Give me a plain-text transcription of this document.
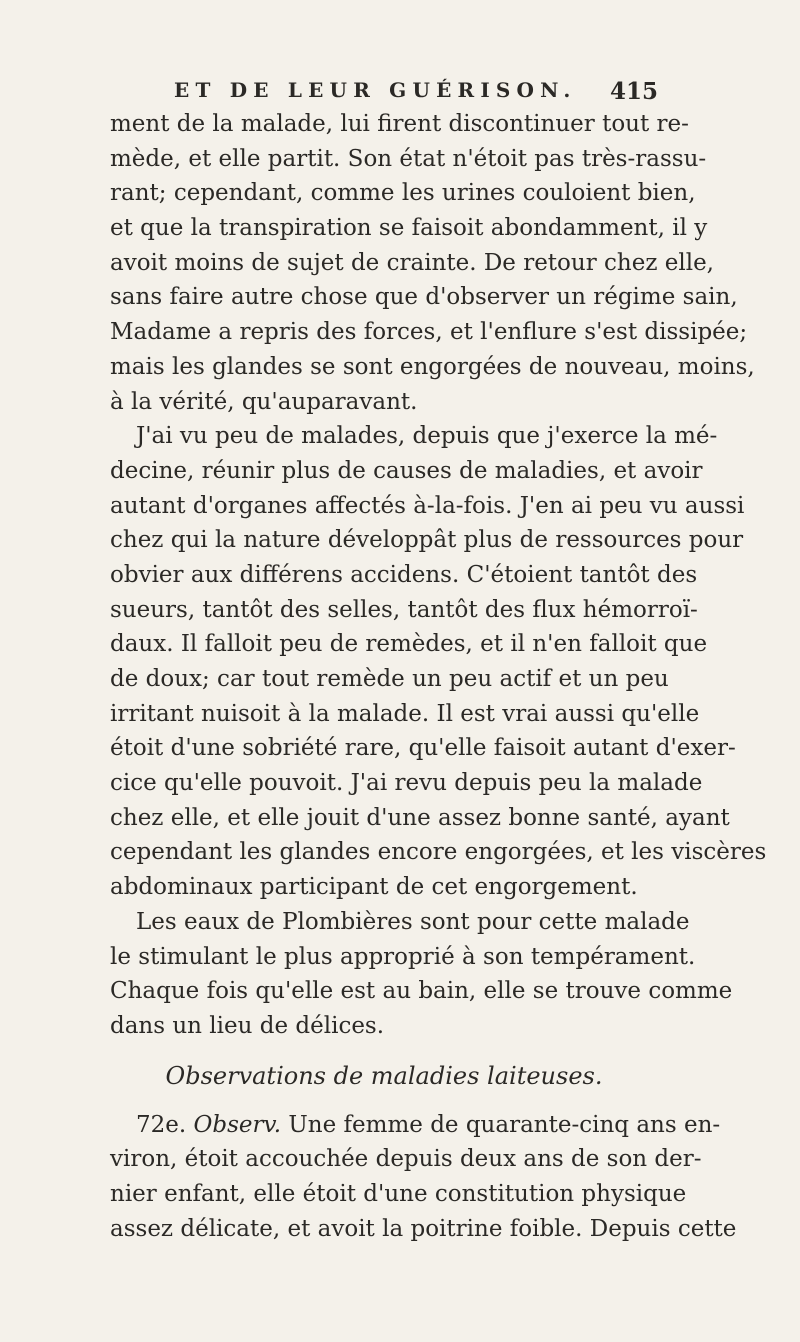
ET DE LEUR GUÉRISON. 415
ment de la malade, lui firent discontinuer tout re-
mède, et elle partit. Son état n'étoit pas très-rassu-
rant; cependant, comme les urines couloient bien,
et que la transpiration se faisoit abondamment, il y
avoit moins de sujet de crainte. De retour chez elle,
sans faire autre chose que d'observer un régime sain,
Madame a repris des forces, et l'enflure s'est dissipée;
mais les glandes se sont engorgées de nouveau, moins,
à la vérité, qu'auparavant.
J'ai vu peu de malades, depuis que j'exerce la mé-
decine, réunir plus de causes de maladies, et avoir
autant d'organes affectés à-la-fois. J'en ai peu vu aussi
chez qui la nature développât plus de ressources pour
obvier aux différens accidens. C'étoient tantôt des
sueurs, tantôt des selles, tantôt des flux hémorroï-
daux. Il falloit peu de remèdes, et il n'en falloit que
de doux; car tout remède un peu actif et un peu
irritant nuisoit à la malade. Il est vrai aussi qu'elle
étoit d'une sobriété rare, qu'elle faisoit autant d'exer-
cice qu'elle pouvoit. J'ai revu depuis peu la malade
chez elle, et elle jouit d'une assez bonne santé, ayant
cependant les glandes encore engorgées, et les viscères
abdominaux participant de cet engorgement.
Les eaux de Plombières sont pour cette malade
le stimulant le plus approprié à son tempérament.
Chaque fois qu'elle est au bain, elle se trouve comme
dans un lieu de délices.
Observations de maladies laiteuses.
72e. Observ. Une femme de quarante-cinq ans en-
viron, étoit accouchée depuis deux ans de son der-
nier enfant, elle étoit d'une constitution physique
assez délicate, et avoit la poitrine foible. Depuis cette
